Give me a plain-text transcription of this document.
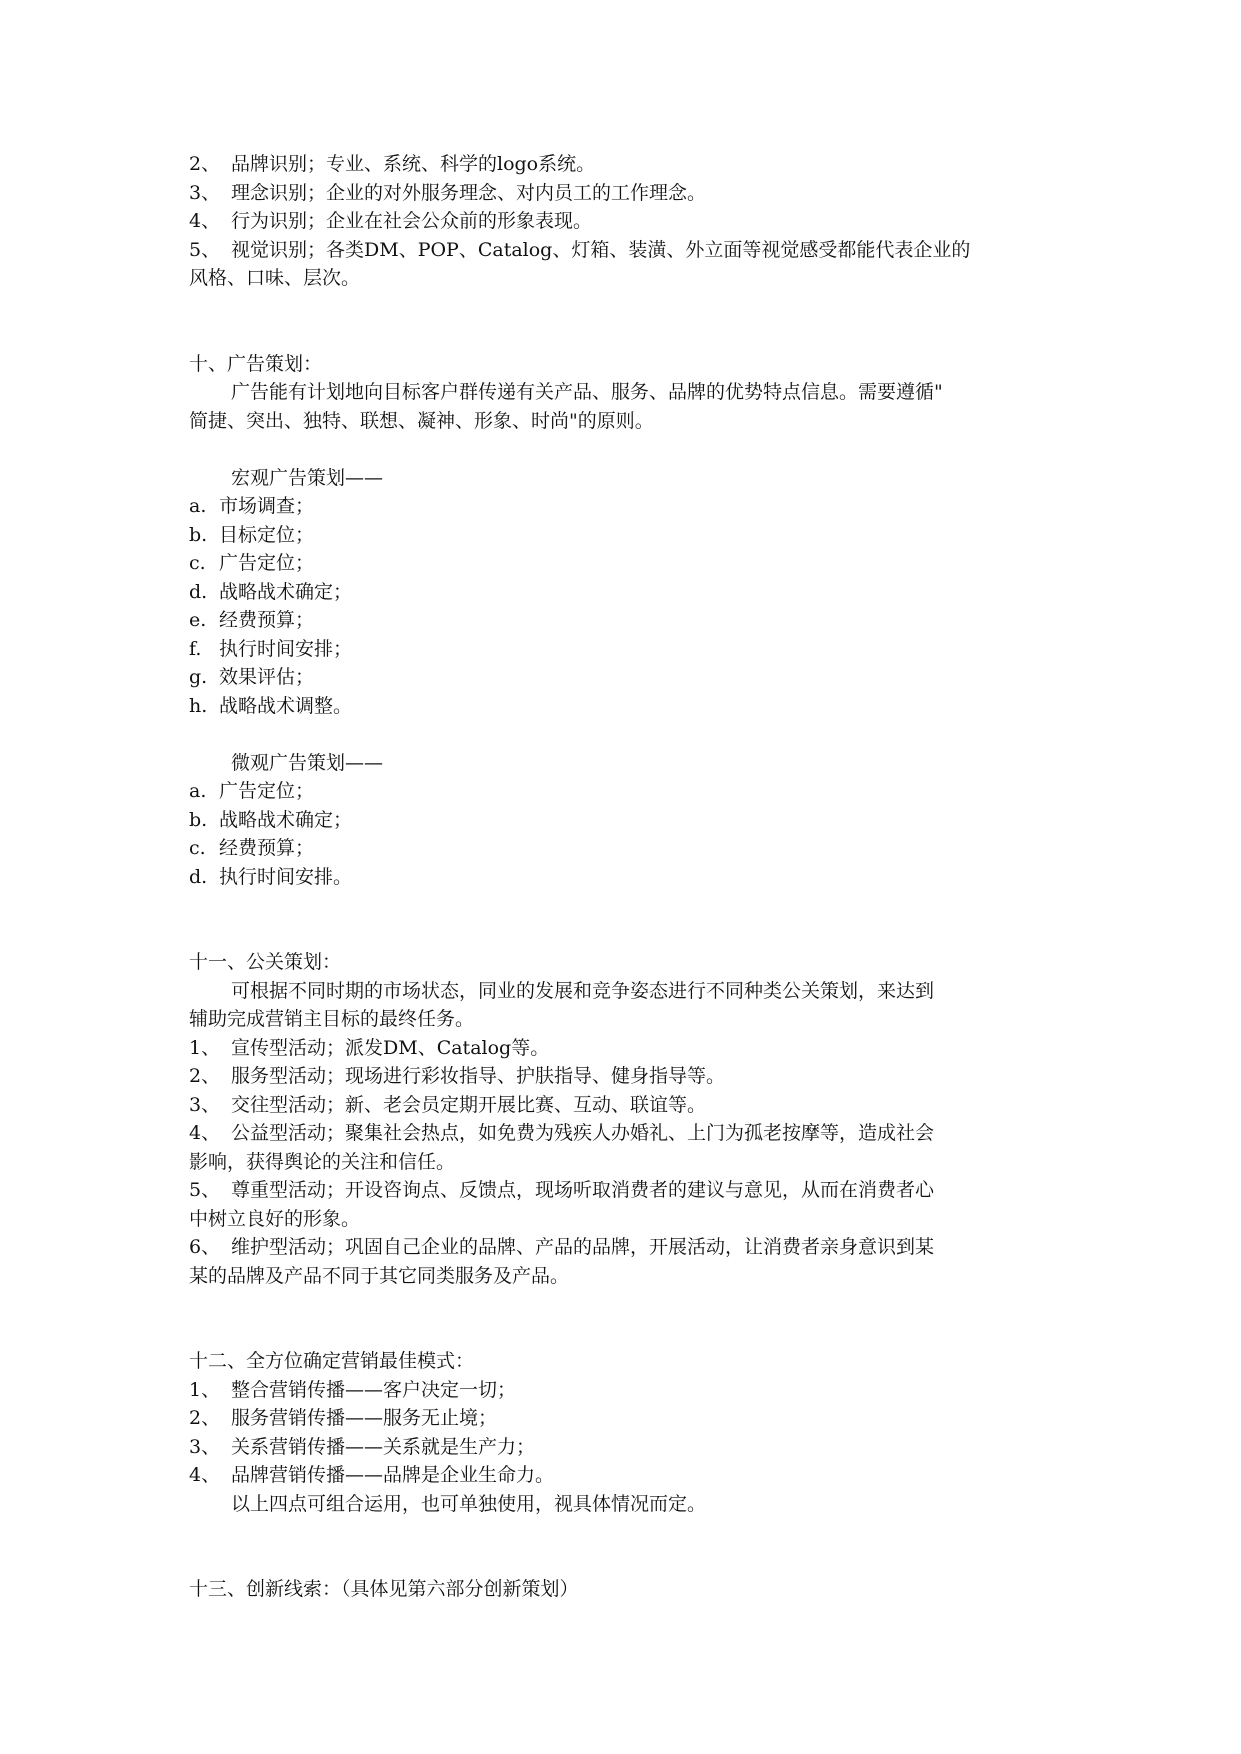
2、 品牌识别；专业、系统、科学的logo系统。
3、 理念识别；企业的对外服务理念、对内员工的工作理念。
4、 行为识别；企业在社会公众前的形象表现。
5、 视觉识别；各类DM、POP、Catalog、灯箱、装潢、外立面等视觉感受都能代表企业的
风格、口味、层次。
十、广告策划：
广告能有计划地向目标客户群传递有关产品、服务、品牌的优势特点信息。需要遵循"
简捷、突出、独特、联想、凝神、形象、时尚"的原则。
宏观广告策划——
a. 市场调查；
b. 目标定位；
c. 广告定位；
d. 战略战术确定；
e. 经费预算；
f. 执行时间安排；
g. 效果评估；
h. 战略战术调整。
微观广告策划——
a. 广告定位；
b. 战略战术确定；
c. 经费预算；
d. 执行时间安排。
十一、公关策划：
可根据不同时期的市场状态，同业的发展和竞争姿态进行不同种类公关策划，来达到
辅助完成营销主目标的最终任务。
1、 宣传型活动；派发DM、Catalog等。
2、 服务型活动；现场进行彩妆指导、护肤指导、健身指导等。
3、 交往型活动；新、老会员定期开展比赛、互动、联谊等。
4、 公益型活动；聚集社会热点，如免费为残疾人办婚礼、上门为孤老按摩等，造成社会
影响，获得舆论的关注和信任。
5、 尊重型活动；开设咨询点、反馈点，现场听取消费者的建议与意见，从而在消费者心
中树立良好的形象。
6、 维护型活动；巩固自己企业的品牌、产品的品牌，开展活动，让消费者亲身意识到某
某的品牌及产品不同于其它同类服务及产品。
十二、全方位确定营销最佳模式：
1、 整合营销传播——客户决定一切；
2、 服务营销传播——服务无止境；
3、 关系营销传播——关系就是生产力；
4、 品牌营销传播——品牌是企业生命力。
以上四点可组合运用，也可单独使用，视具体情况而定。
十三、创新线索：（具体见第六部分创新策划）
